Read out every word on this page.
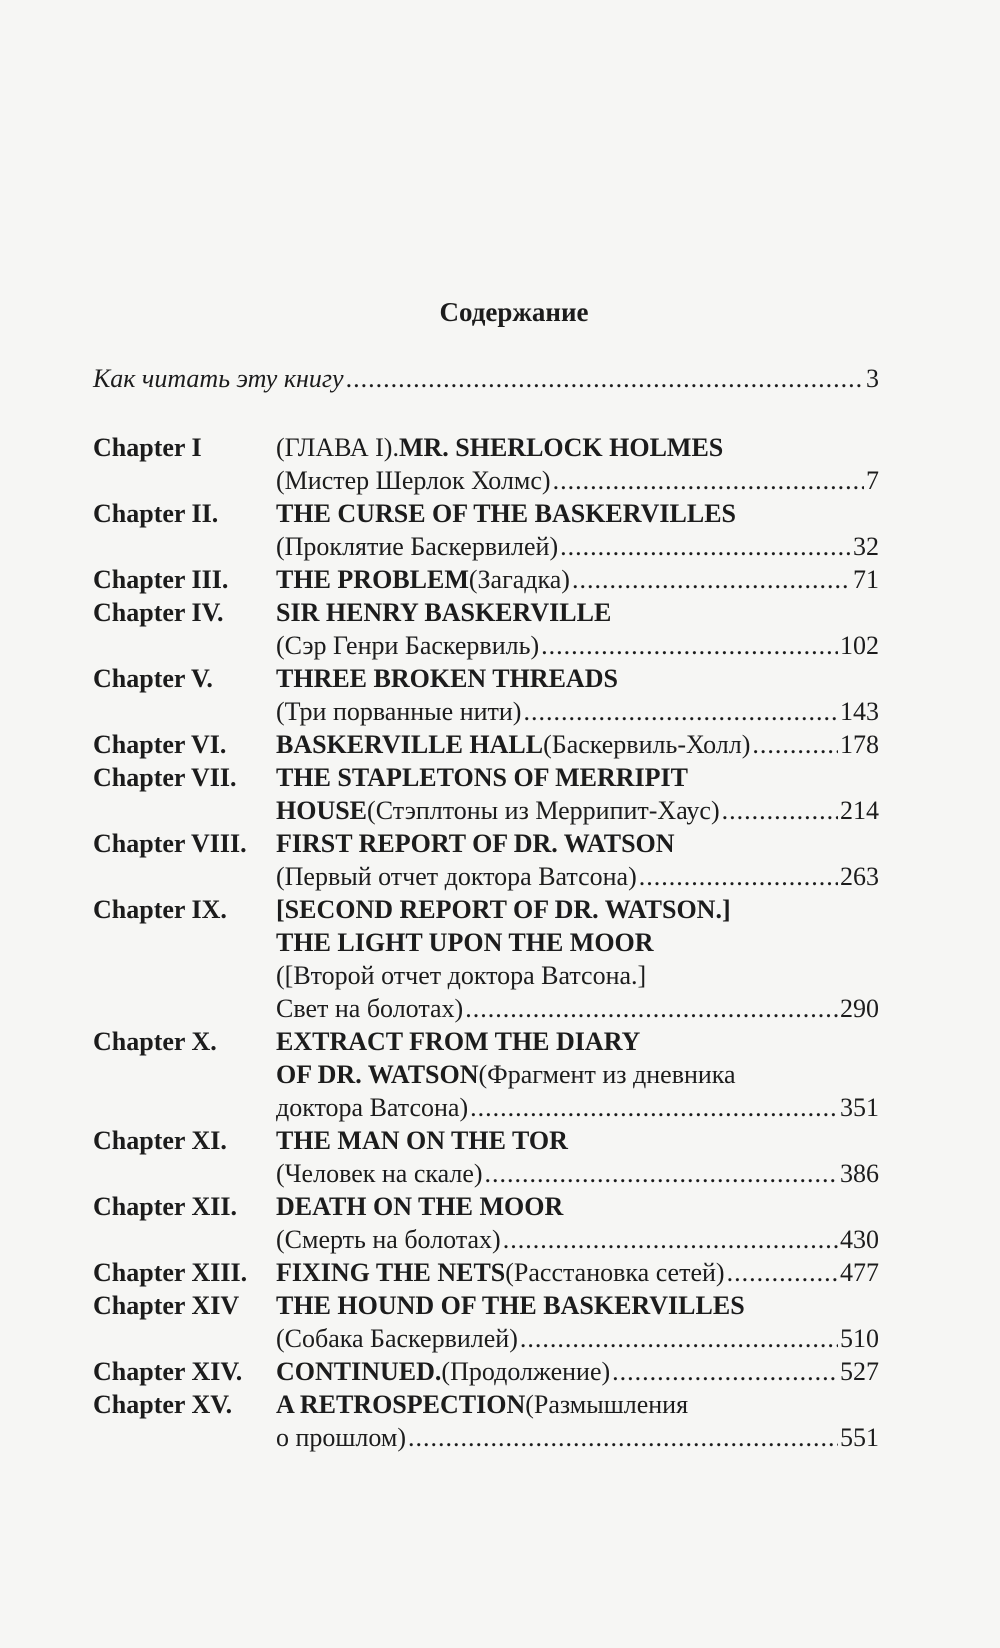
Содержание
Как читать эту книгу .....	3
Chapter I	(ГЛАВА I). MR. SHERLOCK HOLMES
(Мистер Шерлок Холмс) .....	7
Chapter II. THE CURSE OF THE BASKERVILLES
(Проклятие Баскервилей) .....	32
Chapter III. THE PROBLEM (Загадка) .....	71
Chapter IV. SIR HENRY BASKERVILLE
(Сэр Генри Баскервиль) .....	102
Chapter V. THREE BROKEN THREADS
(Три порванные нити) .....	143
Chapter VI. BASKERVILLE HALL (Баскервиль-Холл) .....	178
Chapter VII. THE STAPLETONS OF MERRIPIT
HOUSE (Стэплтоны из Меррипит-Хаус) .....	214
Chapter VIII. FIRST REPORT OF DR. WATSON
(Первый отчет доктора Ватсона) .....	263
Chapter IX. [SECOND REPORT OF DR. WATSON.]
THE LIGHT UPON THE MOOR
([Второй отчет доктора Ватсона.]
Свет на болотах) .....	290
Chapter X. EXTRACT FROM THE DIARY
OF DR. WATSON (Фрагмент из дневника
доктора Ватсона) .....	351
Chapter XI. THE MAN ON THE TOR
(Человек на скале) .....	386
Chapter XII. DEATH ON THE MOOR
(Смерть на болотах) .....	430
Chapter XIII. FIXING THE NETS (Расстановка сетей) .....	477
Chapter XIV THE HOUND OF THE BASKERVILLES
(Собака Баскервилей) .....	510
Chapter XIV. CONTINUED. (Продолжение) .....	527
Chapter XV. A RETROSPECTION (Размышления
о прошлом) .....	551
